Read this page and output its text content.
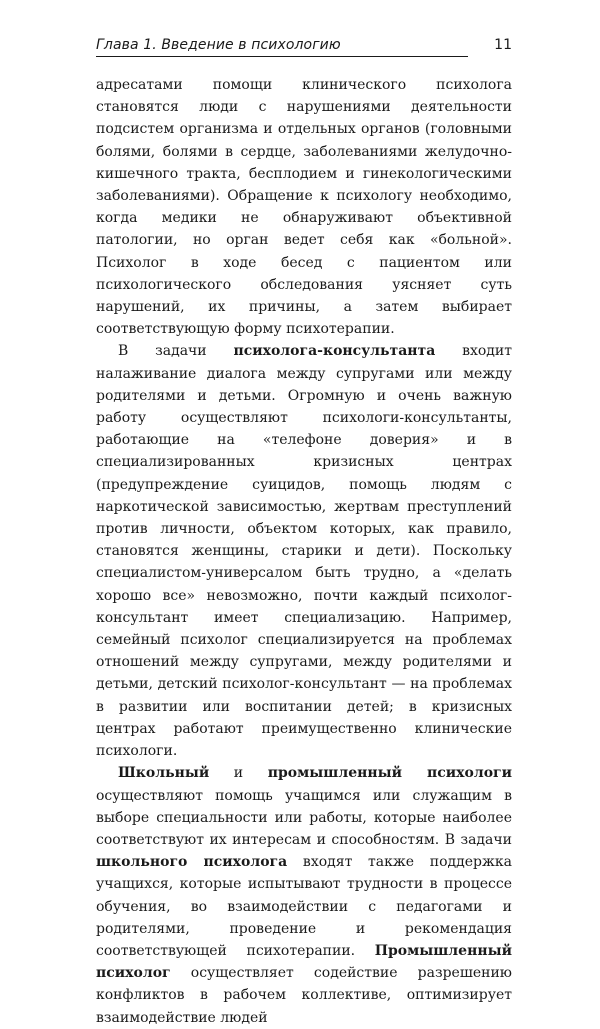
Глава 1. Введение в психологию	11

адресатами помощи клинического психолога становятся люди с нарушениями деятельности подсистем организма и отдельных органов (головными болями, болями в сердце, заболеваниями желудочно-кишечного тракта, бесплодием и гинекологическими заболеваниями). Обращение к психологу необходимо, когда медики не обнаруживают объективной патологии, но орган ведет себя как «больной». Психолог в ходе бесед с пациентом или психологического обследования уясняет суть нарушений, их причины, а затем выбирает соответствующую форму психотерапии.

В задачи психолога-консультанта входит налаживание диалога между супругами или между родителями и детьми. Огромную и очень важную работу осуществляют психологи-консультанты, работающие на «телефоне доверия» и в специализированных кризисных центрах (предупреждение суицидов, помощь людям с наркотической зависимостью, жертвам преступлений против личности, объектом которых, как правило, становятся женщины, старики и дети). Поскольку специалистом-универсалом быть трудно, а «делать хорошо все» невозможно, почти каждый психолог-консультант имеет специализацию. Например, семейный психолог специализируется на проблемах отношений между супругами, между родителями и детьми, детский психолог-консультант — на проблемах в развитии или воспитании детей; в кризисных центрах работают преимущественно клинические психологи.

Школьный и промышленный психологи осуществляют помощь учащимся или служащим в выборе специальности или работы, которые наиболее соответствуют их интересам и способностям. В задачи школьного психолога входят также поддержка учащихся, которые испытывают трудности в процессе обучения, во взаимодействии с педагогами и родителями, проведение и рекомендация соответствующей психотерапии. Промышленный психолог осуществляет содействие разрешению конфликтов в рабочем коллективе, оптимизирует взаимодействие людей
